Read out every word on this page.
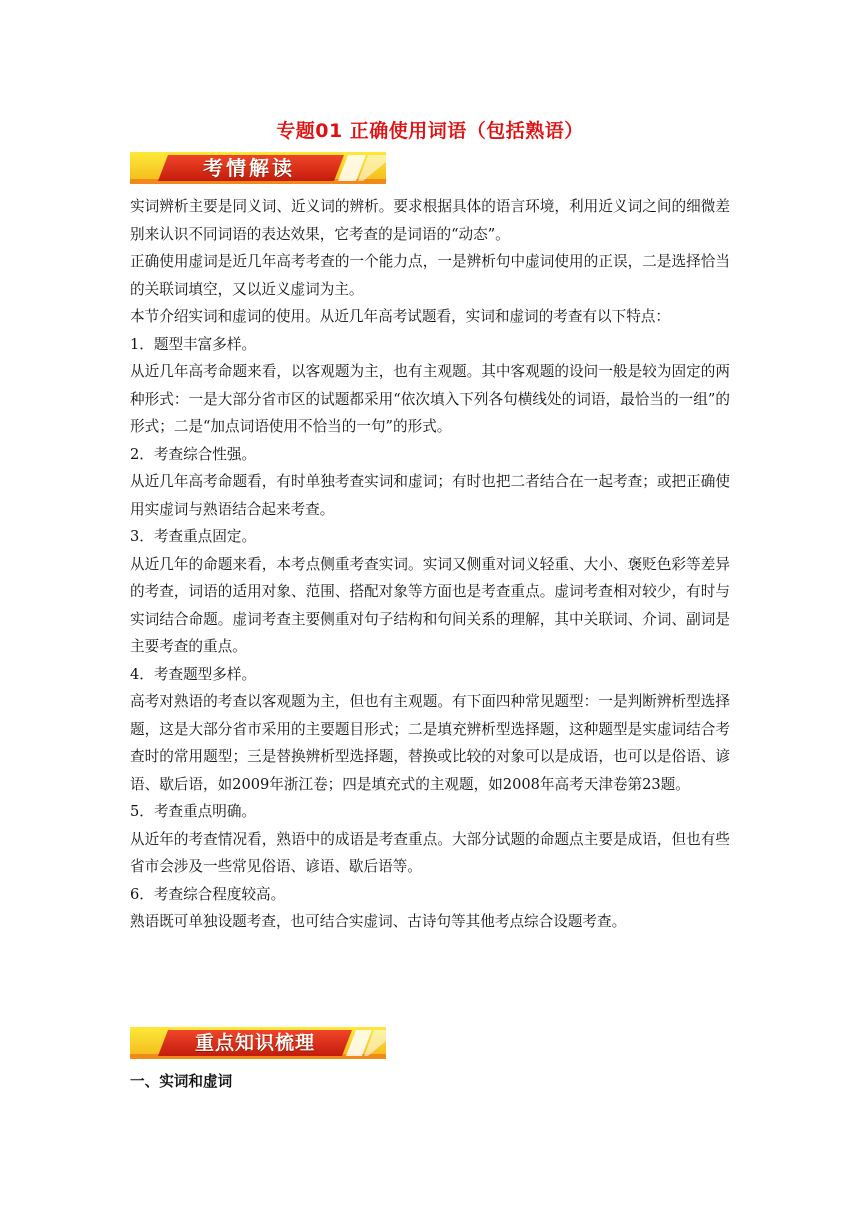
专题01 正确使用词语（包括熟语）
考情解读

实词辨析主要是同义词、近义词的辨析。要求根据具体的语言环境，利用近义词之间的细微差别来认识不同词语的表达效果，它考查的是词语的“动态”。

正确使用虚词是近几年高考考查的一个能力点，一是辨析句中虚词使用的正误，二是选择恰当的关联词填空，又以近义虚词为主。

本节介绍实词和虚词的使用。从近几年高考试题看，实词和虚词的考查有以下特点：

1．题型丰富多样。

从近几年高考命题来看，以客观题为主，也有主观题。其中客观题的设问一般是较为固定的两种形式：一是大部分省市区的试题都采用“依次填入下列各句横线处的词语，最恰当的一组”的形式；二是“加点词语使用不恰当的一句”的形式。

2．考查综合性强。

从近几年高考命题看，有时单独考查实词和虚词；有时也把二者结合在一起考查；或把正确使用实虚词与熟语结合起来考查。

3．考查重点固定。

从近几年的命题来看，本考点侧重考查实词。实词又侧重对词义轻重、大小、褒贬色彩等差异的考查，词语的适用对象、范围、搭配对象等方面也是考查重点。虚词考查相对较少，有时与实词结合命题。虚词考查主要侧重对句子结构和句间关系的理解，其中关联词、介词、副词是主要考查的重点。

4．考查题型多样。

高考对熟语的考查以客观题为主，但也有主观题。有下面四种常见题型：一是判断辨析型选择题，这是大部分省市采用的主要题目形式；二是填充辨析型选择题，这种题型是实虚词结合考查时的常用题型；三是替换辨析型选择题，替换或比较的对象可以是成语，也可以是俗语、谚语、歇后语，如2009年浙江卷；四是填充式的主观题，如2008年高考天津卷第23题。

5．考查重点明确。

从近年的考查情况看，熟语中的成语是考查重点。大部分试题的命题点主要是成语，但也有些省市会涉及一些常见俗语、谚语、歇后语等。

6．考查综合程度较高。

熟语既可单独设题考查，也可结合实虚词、古诗句等其他考点综合设题考查。

重点知识梳理
一、实词和虚词
